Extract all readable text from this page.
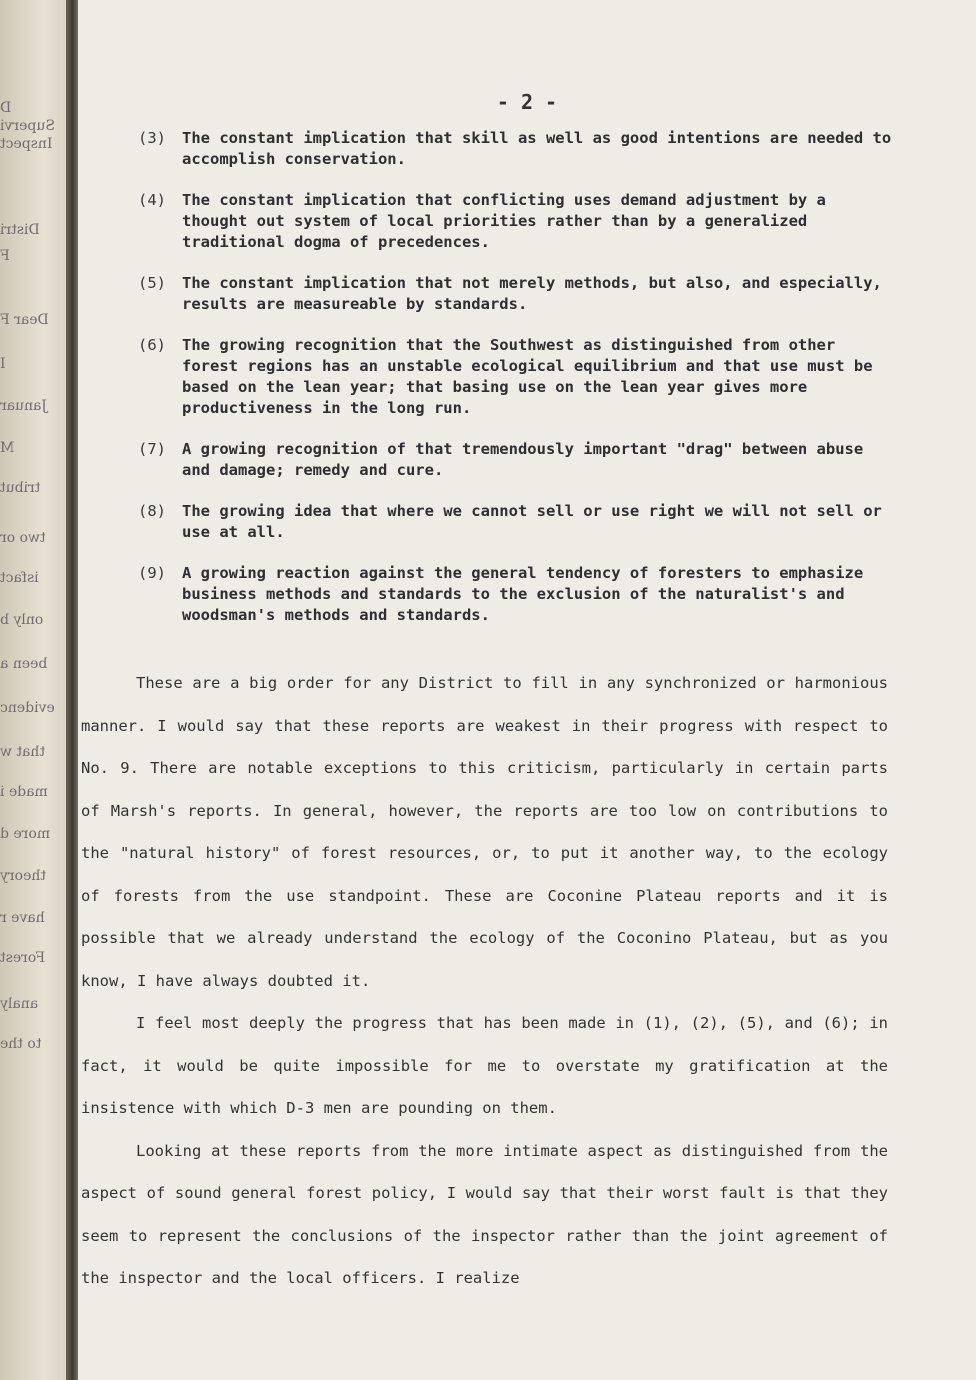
D
Supervi
Inspect
Distri
F
Dear F
I
Januar
M
tribut
two or
isfact
only b
been a
evidenc
that w
made i
more d
theory
have r
Forest
analy
to the
- 2 -
(3)	The constant implication that skill as well as good intentions are needed to accomplish conservation.
(4)	The constant implication that conflicting uses demand adjustment by a thought out system of local priorities rather than by a generalized traditional dogma of precedences.
(5)	The constant implication that not merely methods, but also, and especially, results are measureable by standards.
(6)	The growing recognition that the Southwest as distinguished from other forest regions has an unstable ecological equilibrium and that use must be based on the lean year; that basing use on the lean year gives more productiveness in the long run.
(7)	A growing recognition of that tremendously important "drag" between abuse and damage; remedy and cure.
(8)	The growing idea that where we cannot sell or use right we will not sell or use at all.
(9)	A growing reaction against the general tendency of foresters to emphasize business methods and standards to the exclusion of the naturalist's and woodsman's methods and standards.

These are a big order for any District to fill in any synchronized or harmonious manner. I would say that these reports are weakest in their progress with respect to No. 9. There are notable exceptions to this criticism, particularly in certain parts of Marsh's reports. In general, however, the reports are too low on contributions to the "natural history" of forest resources, or, to put it another way, to the ecology of forests from the use standpoint. These are Coconine Plateau reports and it is possible that we already understand the ecology of the Coconino Plateau, but as you know, I have always doubted it.

I feel most deeply the progress that has been made in (1), (2), (5), and (6); in fact, it would be quite impossible for me to overstate my gratification at the insistence with which D-3 men are pounding on them.

Looking at these reports from the more intimate aspect as distinguished from the aspect of sound general forest policy, I would say that their worst fault is that they seem to represent the conclusions of the inspector rather than the joint agreement of the inspector and the local officers. I realize
